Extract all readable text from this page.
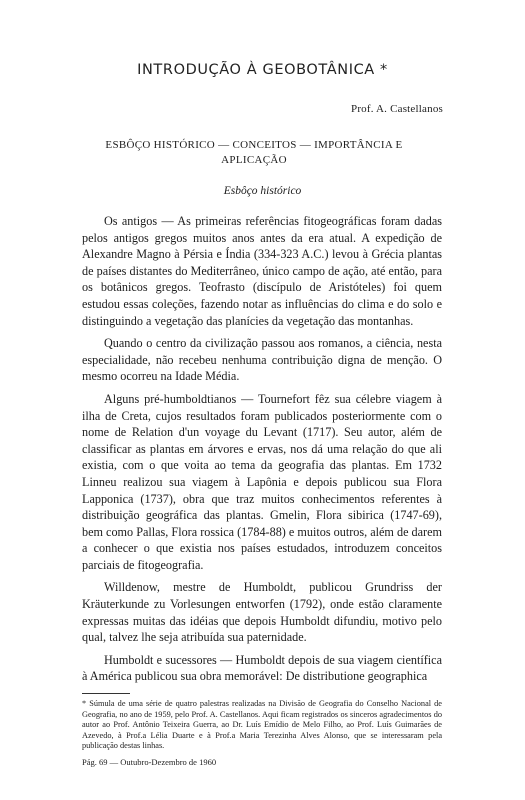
INTRODUÇÃO À GEOBOTÂNICA *
Prof. A. Castellanos
ESBÔÇO HISTÓRICO — CONCEITOS — IMPORTÂNCIA E APLICAÇÃO
Esbôço histórico

Os antigos — As primeiras referências fitogeográficas foram dadas pelos antigos gregos muitos anos antes da era atual. A expedição de Alexandre Magno à Pérsia e Índia (334-323 A.C.) levou à Grécia plantas de países distantes do Mediterrâneo, único campo de ação, até então, para os botânicos gregos. Teofrasto (discípulo de Aristóteles) foi quem estudou essas coleções, fazendo notar as influências do clima e do solo e distinguindo a vegetação das planícies da vegetação das montanhas.

Quando o centro da civilização passou aos romanos, a ciência, nesta especialidade, não recebeu nenhuma contribuição digna de menção. O mesmo ocorreu na Idade Média.

Alguns pré-humboldtianos — Tournefort fêz sua célebre viagem à ilha de Creta, cujos resultados foram publicados posteriormente com o nome de Relation d'un voyage du Levant (1717). Seu autor, além de classificar as plantas em árvores e ervas, nos dá uma relação do que ali existia, com o que voita ao tema da geografia das plantas. Em 1732 Linneu realizou sua viagem à Lapônia e depois publicou sua Flora Lapponica (1737), obra que traz muitos conhecimentos referentes à distribuição geográfica das plantas. Gmelin, Flora sibirica (1747-69), bem como Pallas, Flora rossica (1784-88) e muitos outros, além de darem a conhecer o que existia nos países estudados, introduzem conceitos parciais de fitogeografia.

Willdenow, mestre de Humboldt, publicou Grundriss der Kräuterkunde zu Vorlesungen entworfen (1792), onde estão claramente expressas muitas das idéias que depois Humboldt difundiu, motivo pelo qual, talvez lhe seja atribuída sua paternidade.

Humboldt e sucessores — Humboldt depois de sua viagem científica à América publicou sua obra memorável: De distributione geographica

* Súmula de uma série de quatro palestras realizadas na Divisão de Geografia do Conselho Nacional de Geografia, no ano de 1959, pelo Prof. A. Castellanos. Aqui ficam registrados os sinceros agradecimentos do autor ao Prof. Antônio Teixeira Guerra, ao Dr. Luís Emídio de Melo Filho, ao Prof. Luís Guimarães de Azevedo, à Prof.a Lélia Duarte e à Prof.a Maria Terezinha Alves Alonso, que se interessaram pela publicação destas linhas.
Pág. 69 — Outubro-Dezembro de 1960
